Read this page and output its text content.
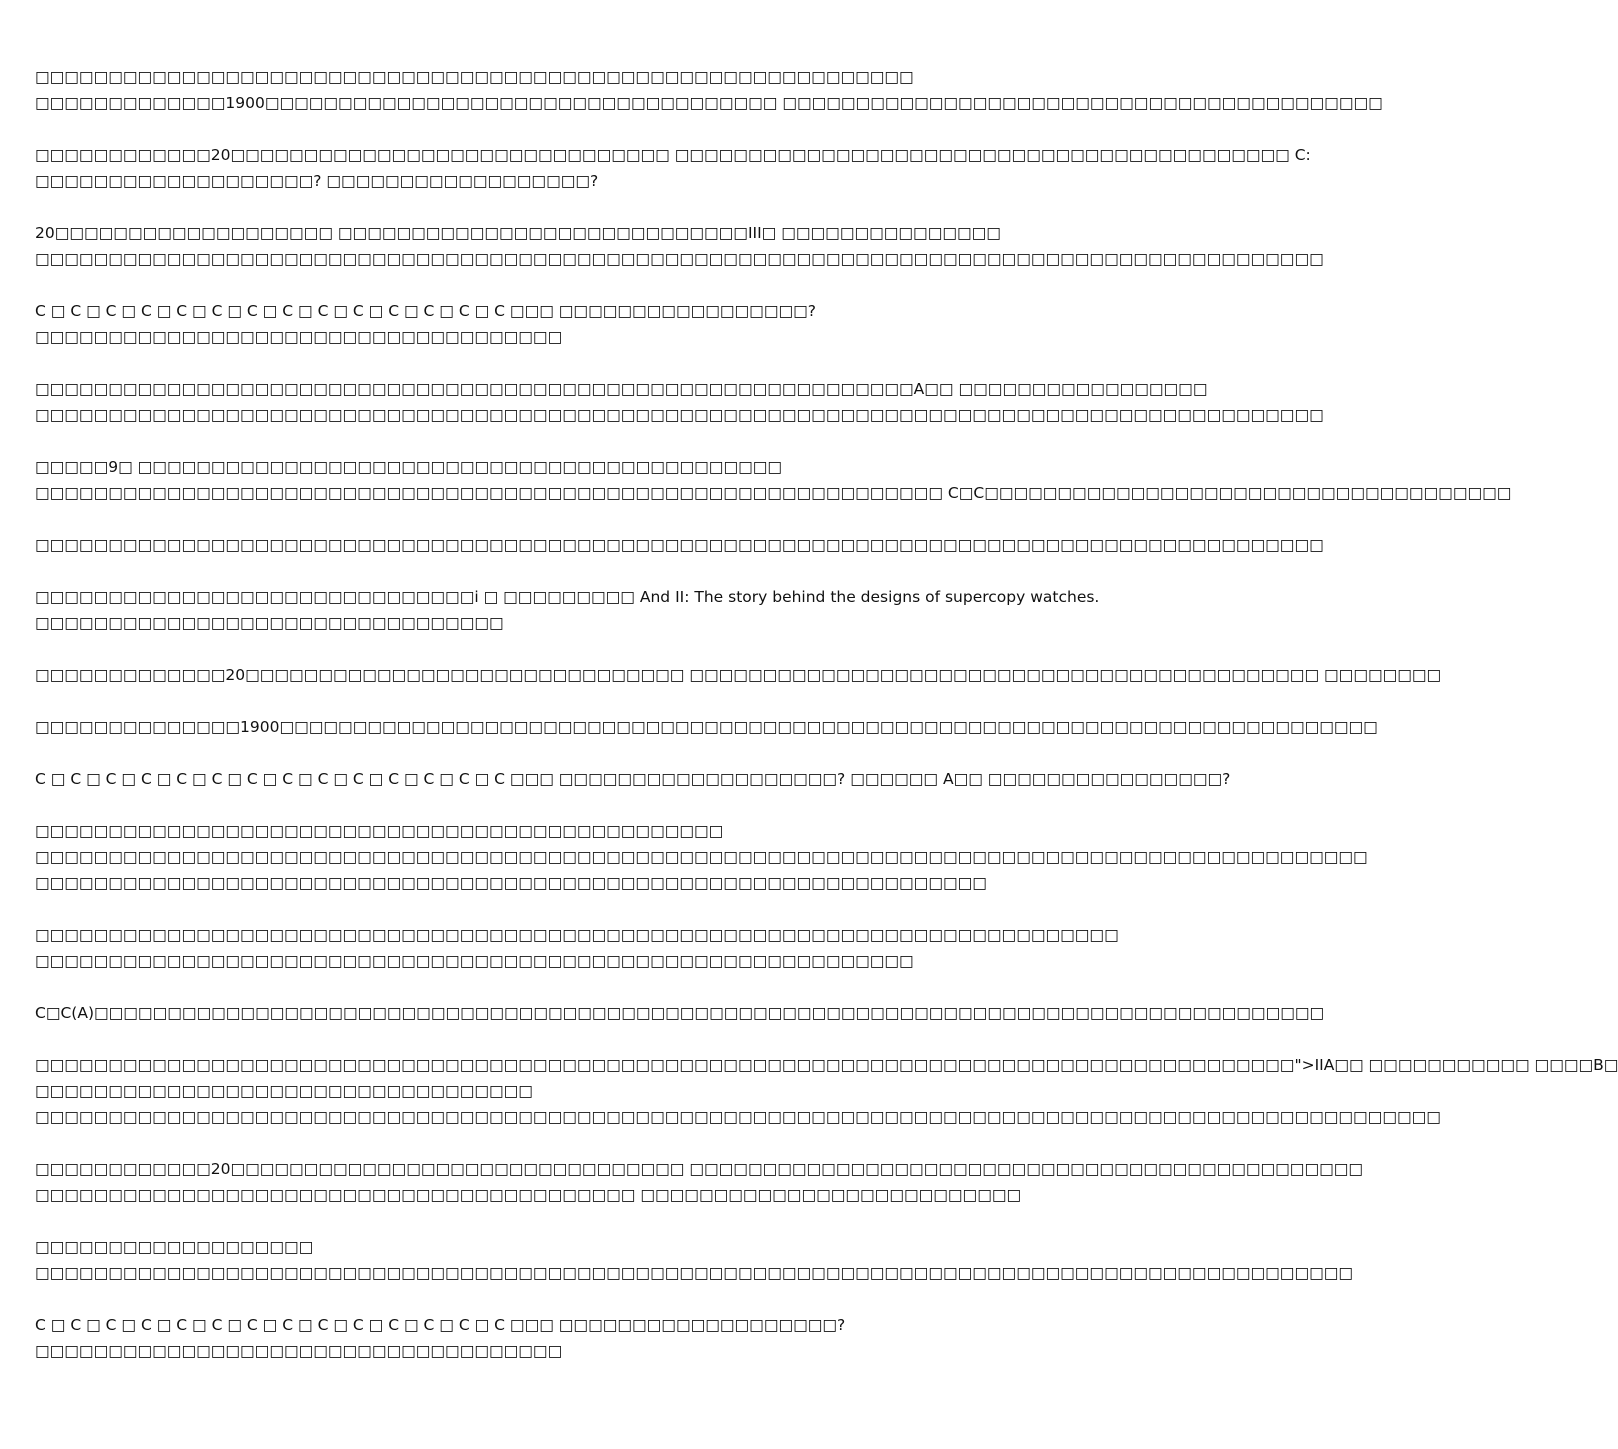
□□□□□□□□□□□□□□□□□□□□□□□□□□□□□□□□□□□□□□□□□□□□□□□□□□□□□□□□□□□□
□□□□□□□□□□□□□1900□□□□□□□□□□□□□□□□□□□□□□□□□□□□□□□□□□□ □□□□□□□□□□□□□□□□□□□□□□□□□□□□□□□□□□□□□□□□□
□□□□□□□□□□□□20□□□□□□□□□□□□□□□□□□□□□□□□□□□□□□ □□□□□□□□□□□□□□□□□□□□□□□□□□□□□□□□□□□□□□□□□□ C:
□□□□□□□□□□□□□□□□□□□? □□□□□□□□□□□□□□□□□□?
20□□□□□□□□□□□□□□□□□□□ □□□□□□□□□□□□□□□□□□□□□□□□□□□□III□ □□□□□□□□□□□□□□□
□□□□□□□□□□□□□□□□□□□□□□□□□□□□□□□□□□□□□□□□□□□□□□□□□□□□□□□□□□□□□□□□□□□□□□□□□□□□□□□□□□□□□□□□
C □ C □ C □ C □ C □ C □ C □ C □ C □ C □ C □ C □ C □ C □□□ □□□□□□□□□□□□□□□□□?
□□□□□□□□□□□□□□□□□□□□□□□□□□□□□□□□□□□□
□□□□□□□□□□□□□□□□□□□□□□□□□□□□□□□□□□□□□□□□□□□□□□□□□□□□□□□□□□□□A□□ □□□□□□□□□□□□□□□□□
□□□□□□□□□□□□□□□□□□□□□□□□□□□□□□□□□□□□□□□□□□□□□□□□□□□□□□□□□□□□□□□□□□□□□□□□□□□□□□□□□□□□□□□□
□□□□□9□ □□□□□□□□□□□□□□□□□□□□□□□□□□□□□□□□□□□□□□□□□□□□
□□□□□□□□□□□□□□□□□□□□□□□□□□□□□□□□□□□□□□□□□□□□□□□□□□□□□□□□□□□□□□ C□C□□□□□□□□□□□□□□□□□□□□□□□□□□□□□□□□□□□□
□□□□□□□□□□□□□□□□□□□□□□□□□□□□□□□□□□□□□□□□□□□□□□□□□□□□□□□□□□□□□□□□□□□□□□□□□□□□□□□□□□□□□□□□
□□□□□□□□□□□□□□□□□□□□□□□□□□□□□□i □ □□□□□□□□□ And II: The story behind the designs of supercopy watches.
□□□□□□□□□□□□□□□□□□□□□□□□□□□□□□□□
□□□□□□□□□□□□□20□□□□□□□□□□□□□□□□□□□□□□□□□□□□□□ □□□□□□□□□□□□□□□□□□□□□□□□□□□□□□□□□□□□□□□□□□□ □□□□□□□□
□□□□□□□□□□□□□□1900□□□□□□□□□□□□□□□□□□□□□□□□□□□□□□□□□□□□□□□□□□□□□□□□□□□□□□□□□□□□□□□□□□□□□□□□□□□
C □ C □ C □ C □ C □ C □ C □ C □ C □ C □ C □ C □ C □ C □□□ □□□□□□□□□□□□□□□□□□□? □□□□□□ A□□ □□□□□□□□□□□□□□□□?
□□□□□□□□□□□□□□□□□□□□□□□□□□□□□□□□□□□□□□□□□□□□□□□
□□□□□□□□□□□□□□□□□□□□□□□□□□□□□□□□□□□□□□□□□□□□□□□□□□□□□□□□□□□□□□□□□□□□□□□□□□□□□□□□□□□□□□□□□□□
□□□□□□□□□□□□□□□□□□□□□□□□□□□□□□□□□□□□□□□□□□□□□□□□□□□□□□□□□□□□□□□□□
□□□□□□□□□□□□□□□□□□□□□□□□□□□□□□□□□□□□□□□□□□□□□□□□□□□□□□□□□□□□□□□□□□□□□□□□□□
□□□□□□□□□□□□□□□□□□□□□□□□□□□□□□□□□□□□□□□□□□□□□□□□□□□□□□□□□□□□
C□C(A)□□□□□□□□□□□□□□□□□□□□□□□□□□□□□□□□□□□□□□□□□□□□□□□□□□□□□□□□□□□□□□□□□□□□□□□□□□□□□□□□□□□□
□□□□□□□□□□□□□□□□□□□□□□□□□□□□□□□□□□□□□□□□□□□□□□□□□□□□□□□□□□□□□□□□□□□□□□□□□□□□□□□□□□□□□□">IIA□□ □□□□□□□□□□□ □□□□B□
□□□□□□□□□□□□□□□□□□□□□□□□□□□□□□□□□□
□□□□□□□□□□□□□□□□□□□□□□□□□□□□□□□□□□□□□□□□□□□□□□□□□□□□□□□□□□□□□□□□□□□□□□□□□□□□□□□□□□□□□□□□□□□□□□□□
□□□□□□□□□□□□20□□□□□□□□□□□□□□□□□□□□□□□□□□□□□□□ □□□□□□□□□□□□□□□□□□□□□□□□□□□□□□□□□□□□□□□□□□□□□□
□□□□□□□□□□□□□□□□□□□□□□□□□□□□□□□□□□□□□□□□□ □□□□□□□□□□□□□□□□□□□□□□□□□□
□□□□□□□□□□□□□□□□□□□
□□□□□□□□□□□□□□□□□□□□□□□□□□□□□□□□□□□□□□□□□□□□□□□□□□□□□□□□□□□□□□□□□□□□□□□□□□□□□□□□□□□□□□□□□□
C □ C □ C □ C □ C □ C □ C □ C □ C □ C □ C □ C □ C □ C □□□ □□□□□□□□□□□□□□□□□□□?
□□□□□□□□□□□□□□□□□□□□□□□□□□□□□□□□□□□□
